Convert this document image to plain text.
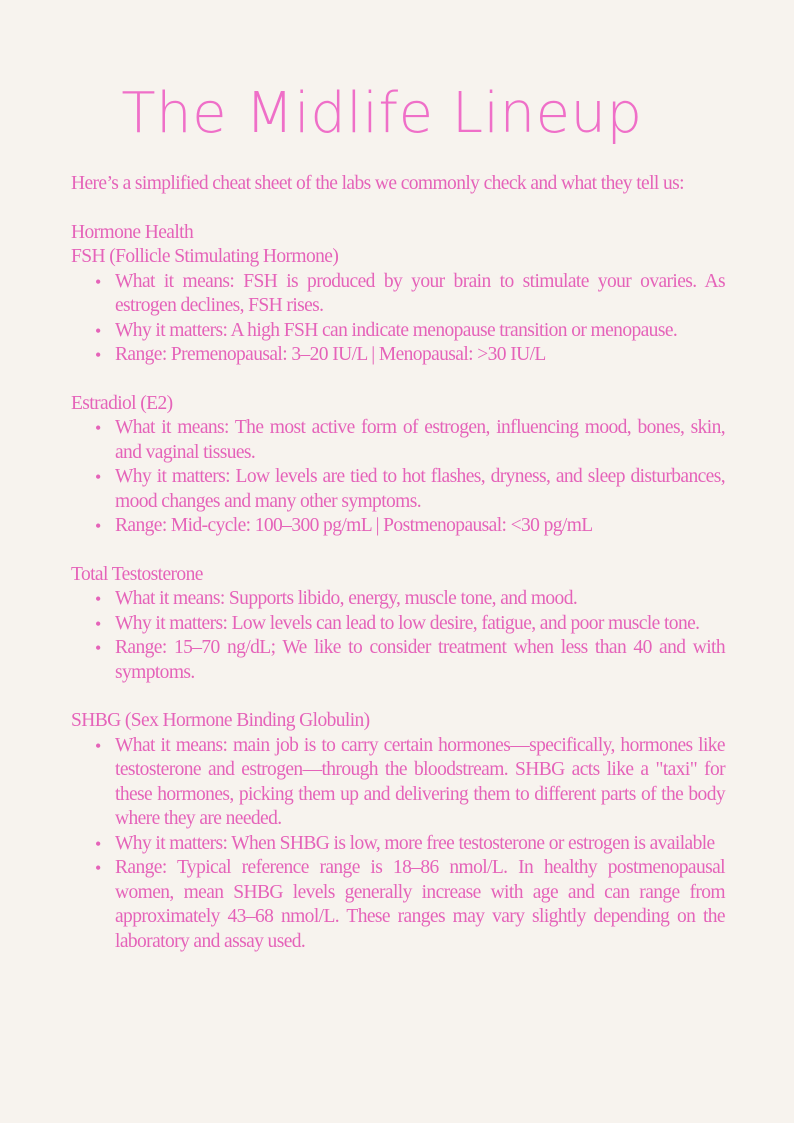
The Midlife Lineup

Here’s a simplified cheat sheet of the labs we commonly check and what they tell us:

Hormone Health

FSH (Follicle Stimulating Hormone)

• What it means: FSH is produced by your brain to stimulate your ovaries. As estrogen declines, FSH rises.
• Why it matters: A high FSH can indicate menopause transition or menopause.
• Range: Premenopausal: 3–20 IU/L | Menopausal: >30 IU/L

Estradiol (E2)

• What it means: The most active form of estrogen, influencing mood, bones, skin, and vaginal tissues.
• Why it matters: Low levels are tied to hot flashes, dryness, and sleep disturbances, mood changes and many other symptoms.
• Range: Mid-cycle: 100–300 pg/mL | Postmenopausal: <30 pg/mL

Total Testosterone

• What it means: Supports libido, energy, muscle tone, and mood.
• Why it matters: Low levels can lead to low desire, fatigue, and poor muscle tone.
• Range: 15–70 ng/dL; We like to consider treatment when less than 40 and with symptoms.

SHBG (Sex Hormone Binding Globulin)

• What it means: main job is to carry certain hormones—specifically, hormones like testosterone and estrogen—through the bloodstream. SHBG acts like a "taxi" for these hormones, picking them up and delivering them to different parts of the body where they are needed.
• Why it matters: When SHBG is low, more free testosterone or estrogen is available
• Range: Typical reference range is 18–86 nmol/L. In healthy postmenopausal women, mean SHBG levels generally increase with age and can range from approximately 43–68 nmol/L. These ranges may vary slightly depending on the laboratory and assay used.
